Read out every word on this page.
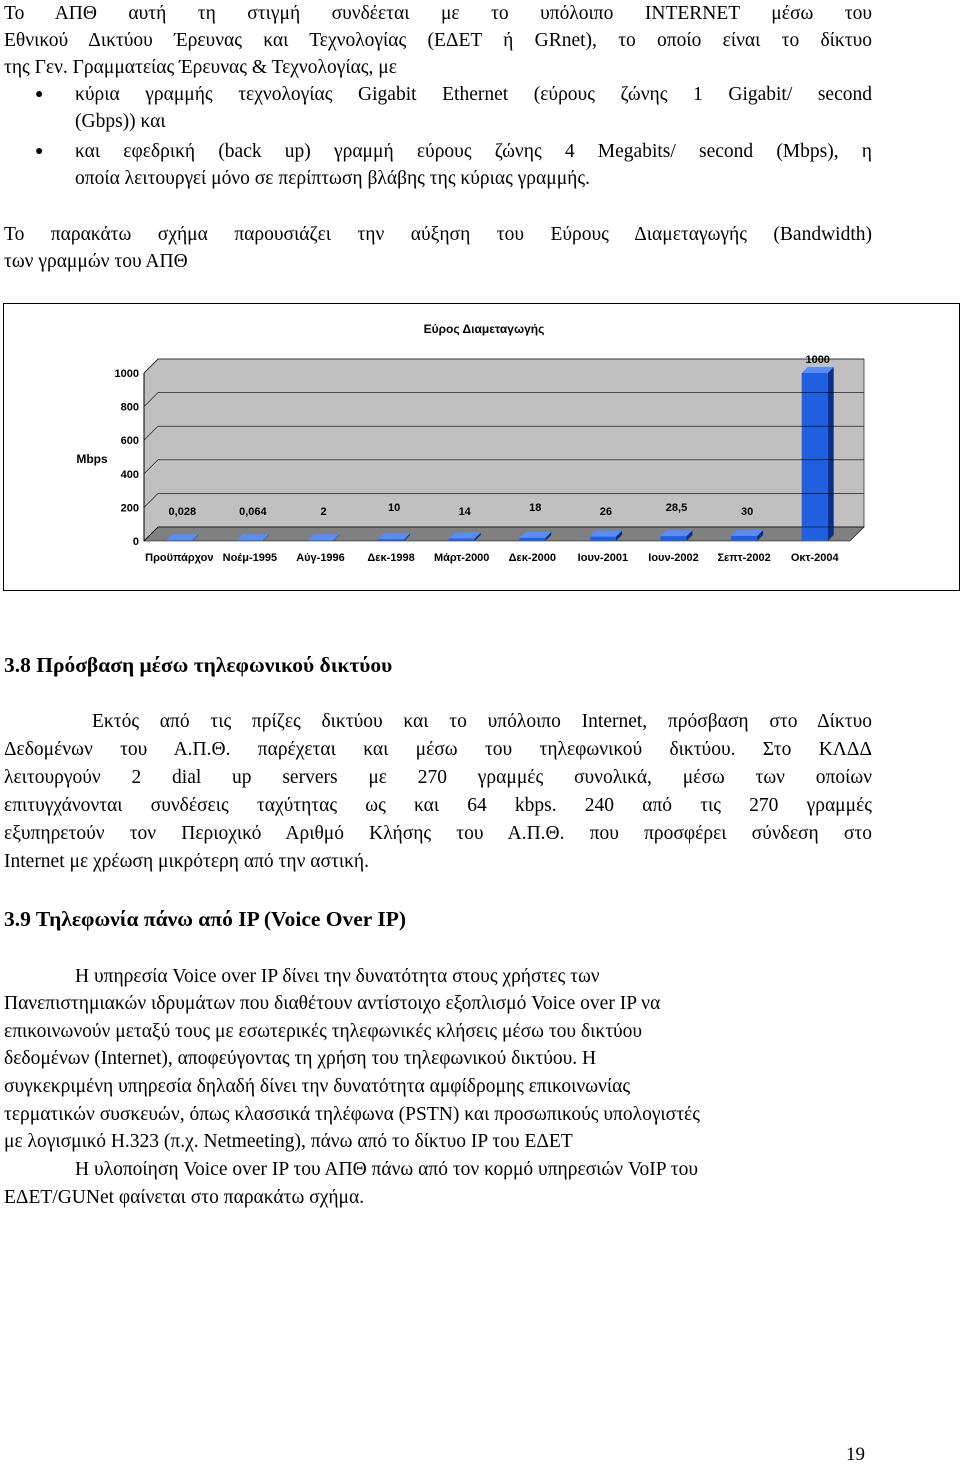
Το ΑΠΘ αυτή τη στιγμή συνδέεται με το υπόλοιπο INTERNET μέσω του
Εθνικού Δικτύου Έρευνας και Τεχνολογίας (ΕΔΕΤ ή GRnet), το οποίο είναι το δίκτυο
της Γεν. Γραμματείας Έρευνας & Τεχνολογίας, με
● κύρια γραμμής τεχνολογίας Gigabit Ethernet (εύρους ζώνης 1 Gigabit/ second
(Gbps)) και
● και εφεδρική (back up) γραμμή εύρους ζώνης 4 Megabits/ second (Mbps), η
οποία λειτουργεί μόνο σε περίπτωση βλάβης της κύριας γραμμής.
Το παρακάτω σχήμα παρουσιάζει την αύξηση του Εύρους Διαμεταγωγής (Bandwidth)
των γραμμών του ΑΠΘ
Εύρος Διαμεταγωγής
Mbps
0,028	0,064	2	10	14	18	26	28,5	30
1000
0
200
400
600
800
1000
Προϋπάρχον Νοέμ-1995 Αύγ-1996 Δεκ-1998 Μάρτ-2000 Δεκ-2000 Ιουν-2001 Ιουν-2002 Σεπτ-2002 Οκτ-2004
3.8 Πρόσβαση μέσω τηλεφωνικού δικτύου
Εκτός από τις πρίζες δικτύου και το υπόλοιπο Internet, πρόσβαση στο Δίκτυο
Δεδομένων του Α.Π.Θ. παρέχεται και μέσω του τηλεφωνικού δικτύου. Στο ΚΛΔΔ
λειτουργούν 2 dial up servers με 270 γραμμές συνολικά, μέσω των οποίων
επιτυγχάνονται συνδέσεις ταχύτητας ως και 64 kbps. 240 από τις 270 γραμμές
εξυπηρετούν τον Περιοχικό Αριθμό Κλήσης του Α.Π.Θ. που προσφέρει σύνδεση στο
Internet με χρέωση μικρότερη από την αστική.
3.9 Τηλεφωνία πάνω από IP (Voice Over IP)
Η υπηρεσία Voice over IP δίνει την δυνατότητα στους χρήστες των
Πανεπιστημιακών ιδρυμάτων που διαθέτουν αντίστοιχο εξοπλισμό Voice over IP να
επικοινωνούν μεταξύ τους με εσωτερικές τηλεφωνικές κλήσεις μέσω του δικτύου
δεδομένων (Internet), αποφεύγοντας τη χρήση του τηλεφωνικού δικτύου. Η
συγκεκριμένη υπηρεσία δηλαδή δίνει την δυνατότητα αμφίδρομης επικοινωνίας
τερματικών συσκευών, όπως κλασσικά τηλέφωνα (PSTN) και προσωπικούς υπολογιστές
με λογισμικό H.323 (π.χ. Netmeeting), πάνω από το δίκτυο IP του ΕΔΕΤ
Η υλοποίηση Voice over IP του ΑΠΘ πάνω από τον κορμό υπηρεσιών VoIP του
ΕΔΕΤ/GUNet φαίνεται στο παρακάτω σχήμα.
19
